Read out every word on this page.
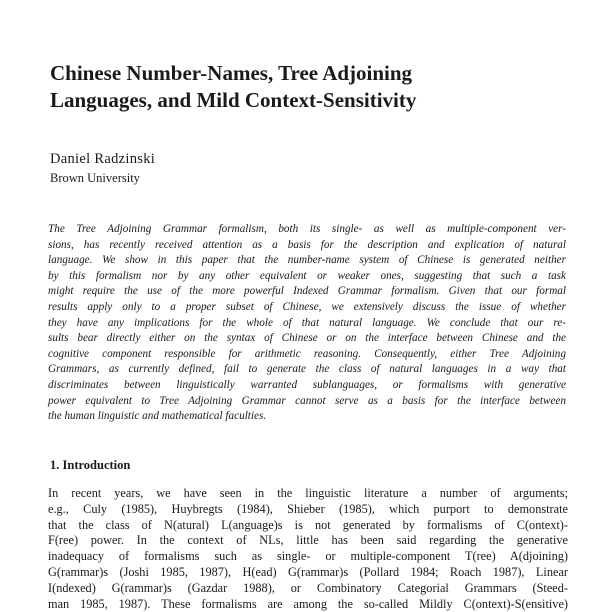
Chinese Number-Names, Tree Adjoining
Languages, and Mild Context-Sensitivity
Daniel Radzinski
Brown University
The Tree Adjoining Grammar formalism, both its single- as well as multiple-component ver-
sions, has recently received attention as a basis for the description and explication of natural
language. We show in this paper that the number-name system of Chinese is generated neither
by this formalism nor by any other equivalent or weaker ones, suggesting that such a task
might require the use of the more powerful Indexed Grammar formalism. Given that our formal
results apply only to a proper subset of Chinese, we extensively discuss the issue of whether
they have any implications for the whole of that natural language. We conclude that our re-
sults bear directly either on the syntax of Chinese or on the interface between Chinese and the
cognitive component responsible for arithmetic reasoning. Consequently, either Tree Adjoining
Grammars, as currently defined, fail to generate the class of natural languages in a way that
discriminates between linguistically warranted sublanguages, or formalisms with generative
power equivalent to Tree Adjoining Grammar cannot serve as a basis for the interface between
the human linguistic and mathematical faculties.
1. Introduction
In recent years, we have seen in the linguistic literature a number of arguments;
e.g., Culy (1985), Huybregts (1984), Shieber (1985), which purport to demonstrate
that the class of N(atural) L(anguage)s is not generated by formalisms of C(ontext)-
F(ree) power. In the context of NLs, little has been said regarding the generative
inadequacy of formalisms such as single- or multiple-component T(ree) A(djoining)
G(rammar)s (Joshi 1985, 1987), H(ead) G(rammar)s (Pollard 1984; Roach 1987), Linear
I(ndexed) G(rammar)s (Gazdar 1988), or Combinatory Categorial Grammars (Steed-
man 1985, 1987). These formalisms are among the so-called Mildly C(ontext)-S(ensitive)
